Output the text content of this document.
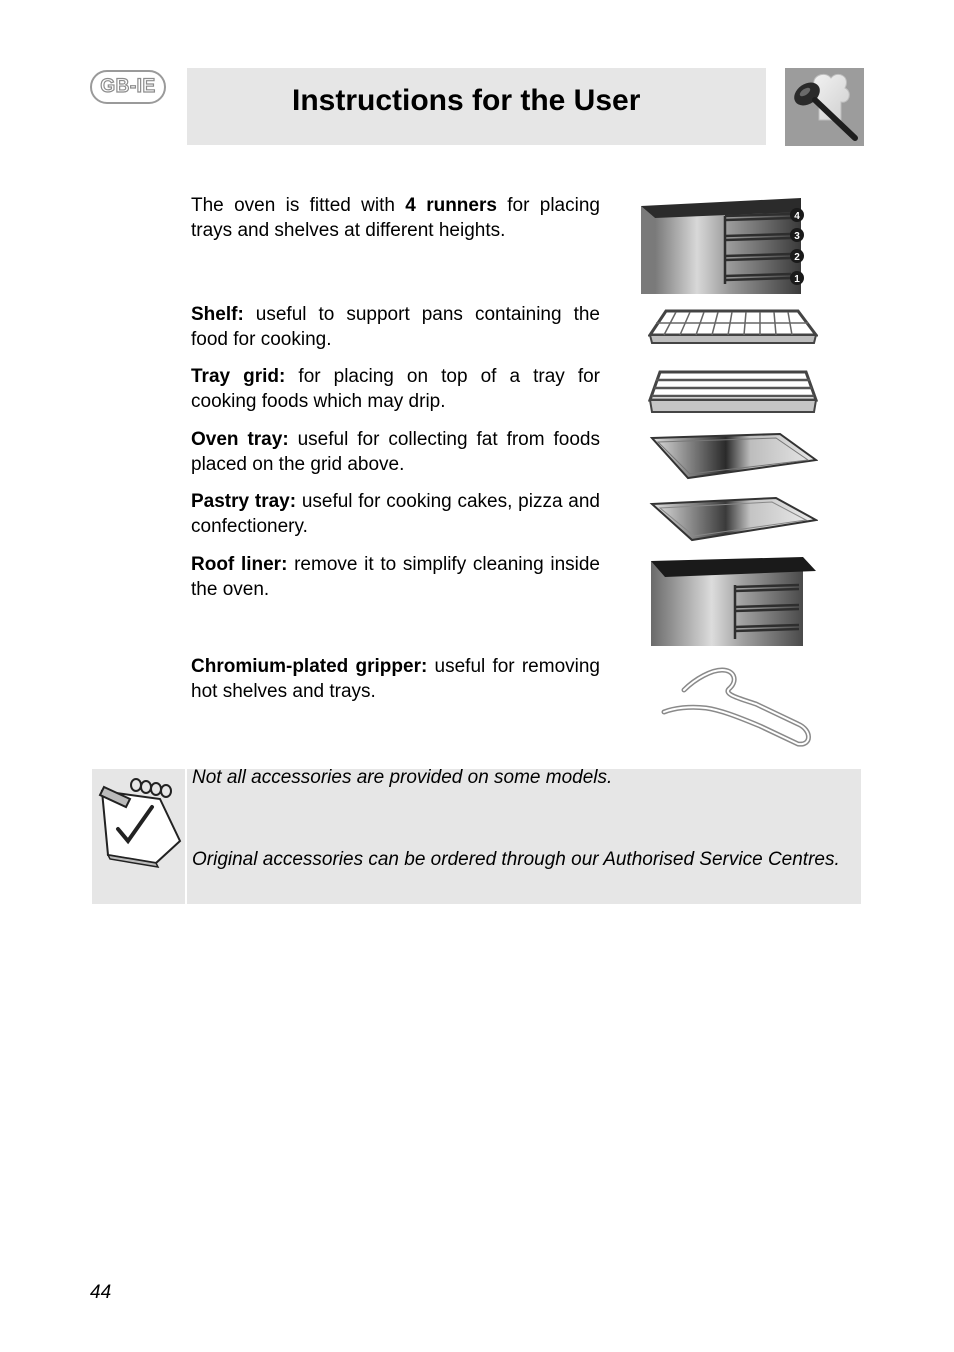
GB-IE	Instructions for the User

The oven is fitted with 4 runners for placing trays and shelves at different heights.

4
3
2
1

Shelf: useful to support pans containing the food for cooking.

Tray grid: for placing on top of a tray for cooking foods which may drip.

Oven tray: useful for collecting fat from foods placed on the grid above.

Pastry tray: useful for cooking cakes, pizza and confectionery.

Roof liner: remove it to simplify cleaning inside the oven.

Chromium-plated gripper: useful for removing hot shelves and trays.

Not all accessories are provided on some models.

Original accessories can be ordered through our Authorised Service Centres.

44
